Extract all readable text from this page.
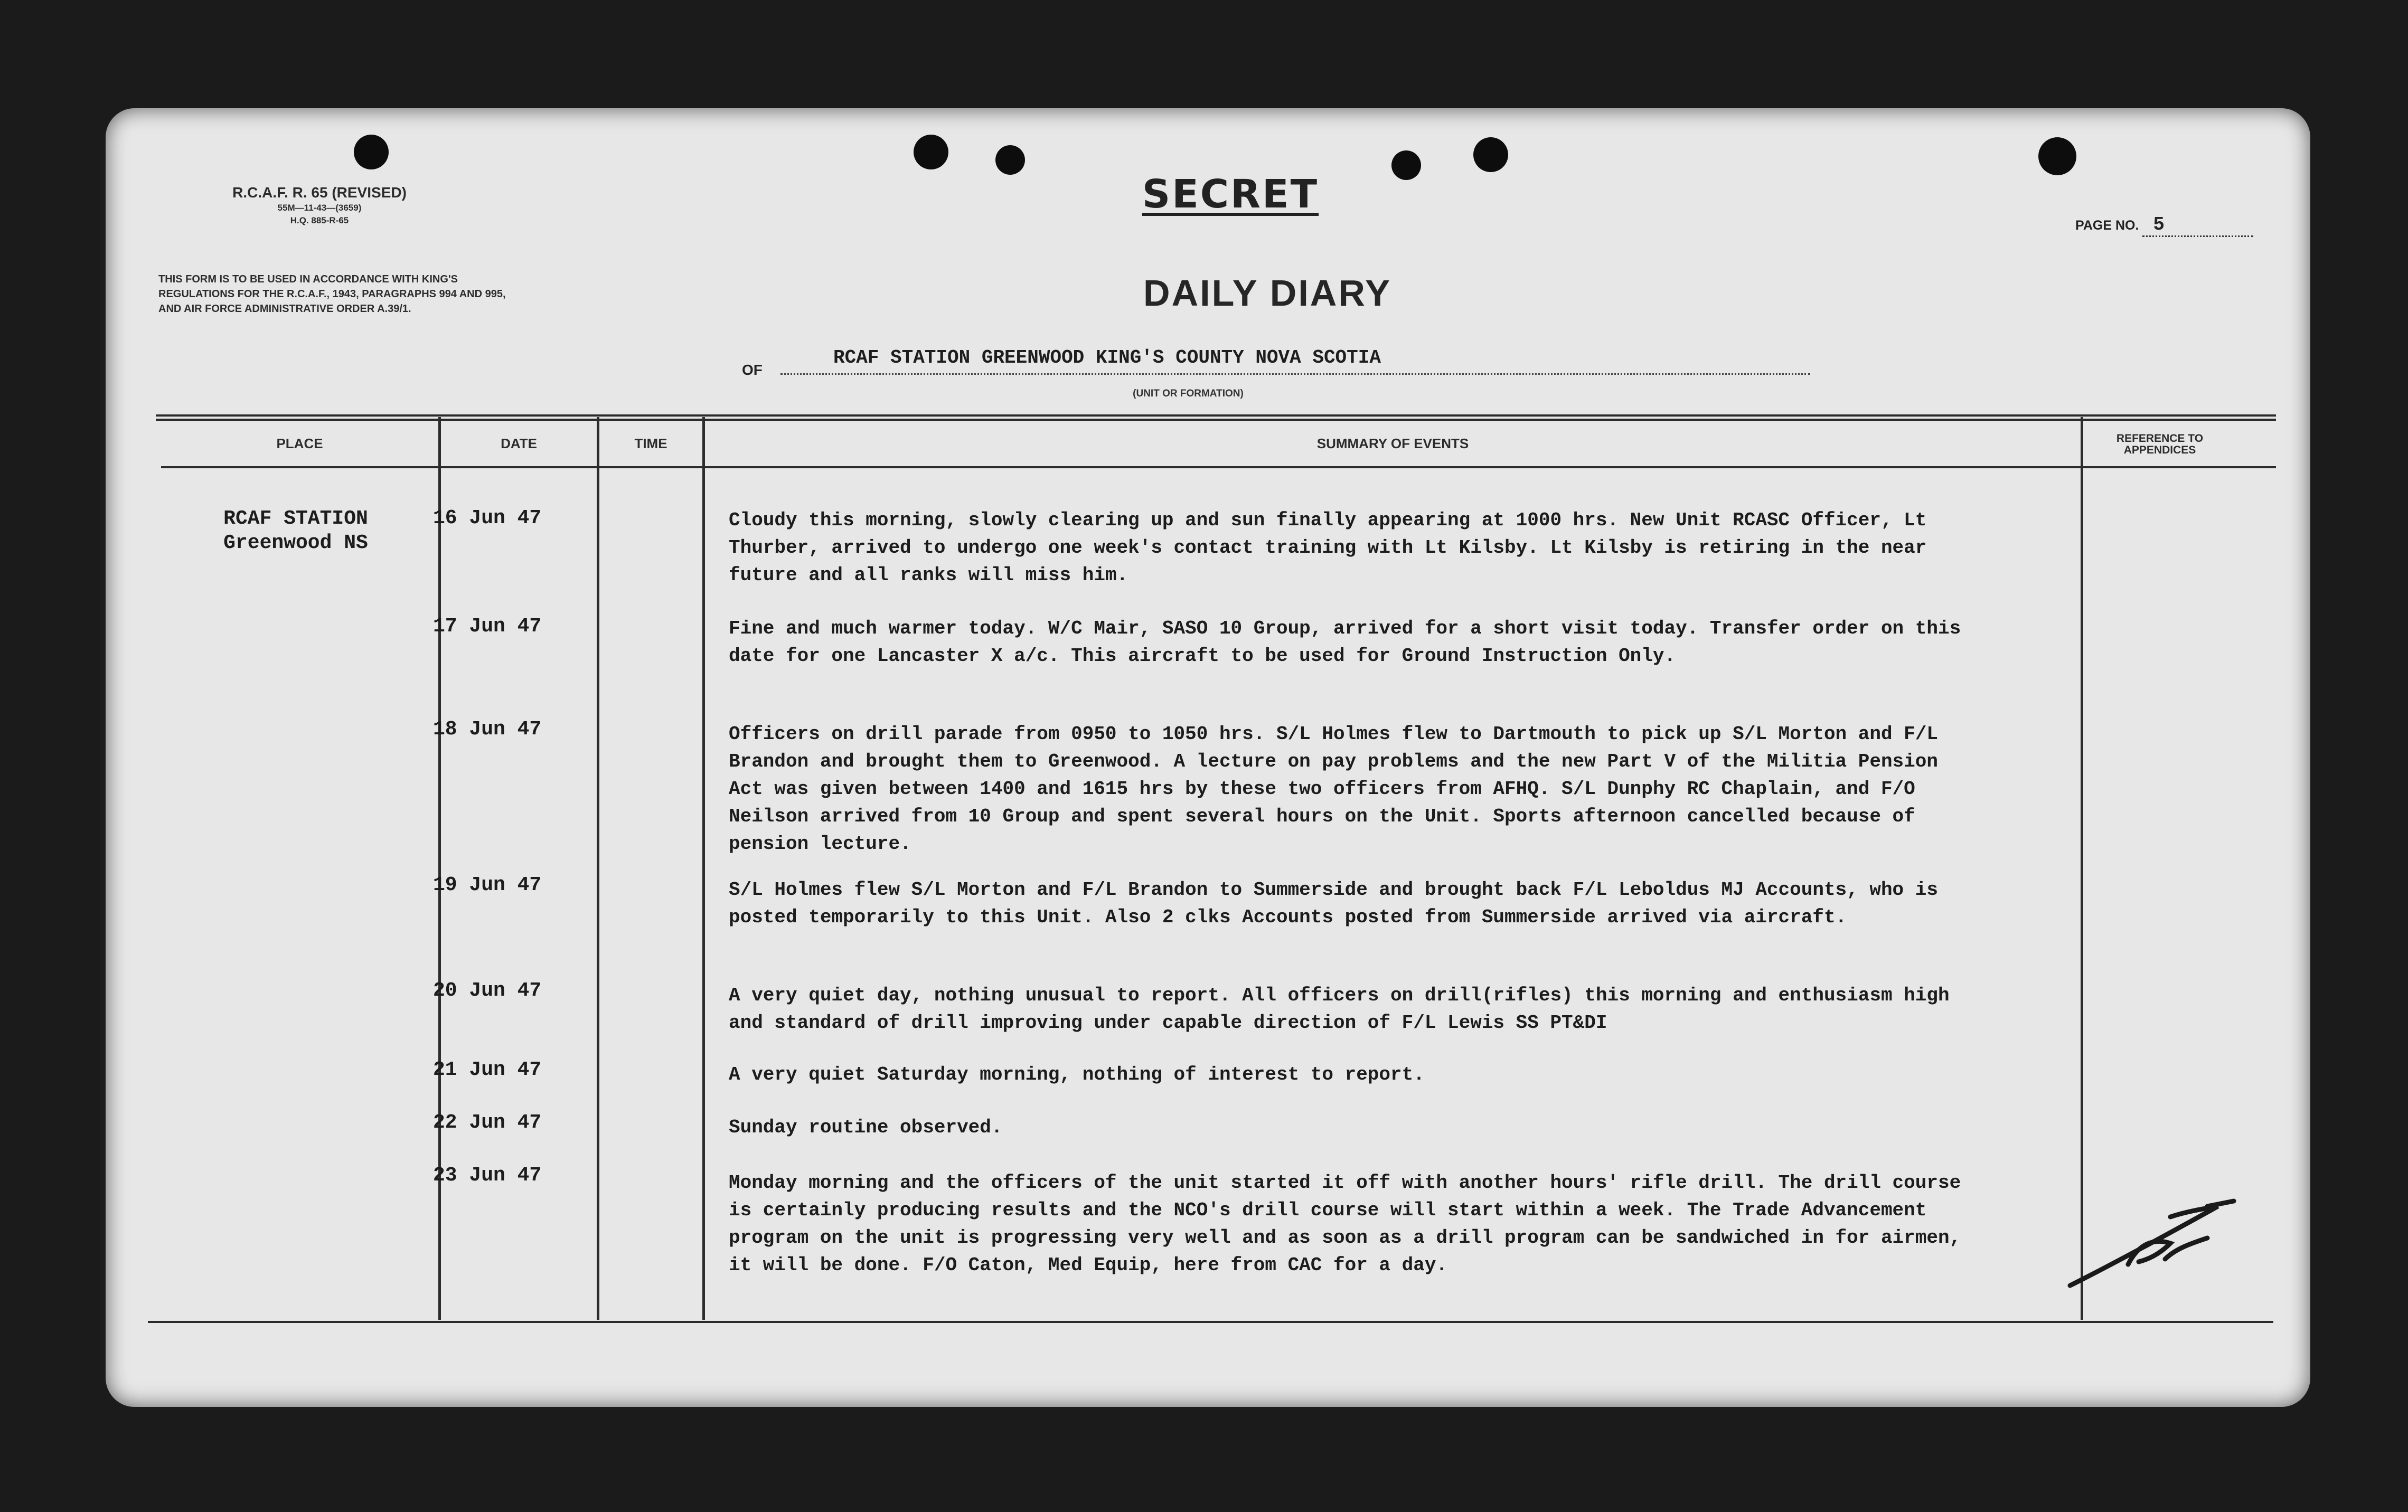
R.C.A.F. R. 65 (REVISED)
55M—11-43—(3659)
H.Q. 885-R-65
SECRET
PAGE NO. 5
THIS FORM IS TO BE USED IN ACCORDANCE WITH KING'S REGULATIONS FOR THE R.C.A.F., 1943, PARAGRAPHS 994 AND 995, AND AIR FORCE ADMINISTRATIVE ORDER A.39/1.	DAILY DIARY
OF
RCAF STATION GREENWOOD KING'S COUNTY NOVA SCOTIA
(UNIT OR FORMATION)
PLACE	DATE	TIME	SUMMARY OF EVENTS	REFERENCE TO APPENDICES
RCAF STATION
Greenwood NS
16 Jun 47	Cloudy this morning, slowly clearing up and sun finally appearing at 1000 hrs. New Unit RCASC Officer, Lt Thurber, arrived to undergo one week's contact training with Lt Kilsby. Lt Kilsby is retiring in the near future and all ranks will miss him.
17 Jun 47	Fine and much warmer today. W/C Mair, SASO 10 Group, arrived for a short visit today. Transfer order on this date for one Lancaster X a/c. This aircraft to be used for Ground Instruction Only.
18 Jun 47	Officers on drill parade from 0950 to 1050 hrs. S/L Holmes flew to Dartmouth to pick up S/L Morton and F/L Brandon and brought them to Greenwood. A lecture on pay problems and the new Part V of the Militia Pension Act was given between 1400 and 1615 hrs by these two officers from AFHQ. S/L Dunphy RC Chaplain, and F/O Neilson arrived from 10 Group and spent several hours on the Unit. Sports afternoon cancelled because of pension lecture.
19 Jun 47	S/L Holmes flew S/L Morton and F/L Brandon to Summerside and brought back F/L Leboldus MJ Accounts, who is posted temporarily to this Unit. Also 2 clks Accounts posted from Summerside arrived via aircraft.
20 Jun 47	A very quiet day, nothing unusual to report. All officers on drill(rifles) this morning and enthusiasm high and standard of drill improving under capable direction of F/L Lewis SS PT&DI
21 Jun 47	A very quiet Saturday morning, nothing of interest to report.
22 Jun 47	Sunday routine observed.
23 Jun 47	Monday morning and the officers of the unit started it off with another hours' rifle drill. The drill course is certainly producing results and the NCO's drill course will start within a week. The Trade Advancement program on the unit is progressing very well and as soon as a drill program can be sandwiched in for airmen, it will be done. F/O Caton, Med Equip, here from CAC for a day.
